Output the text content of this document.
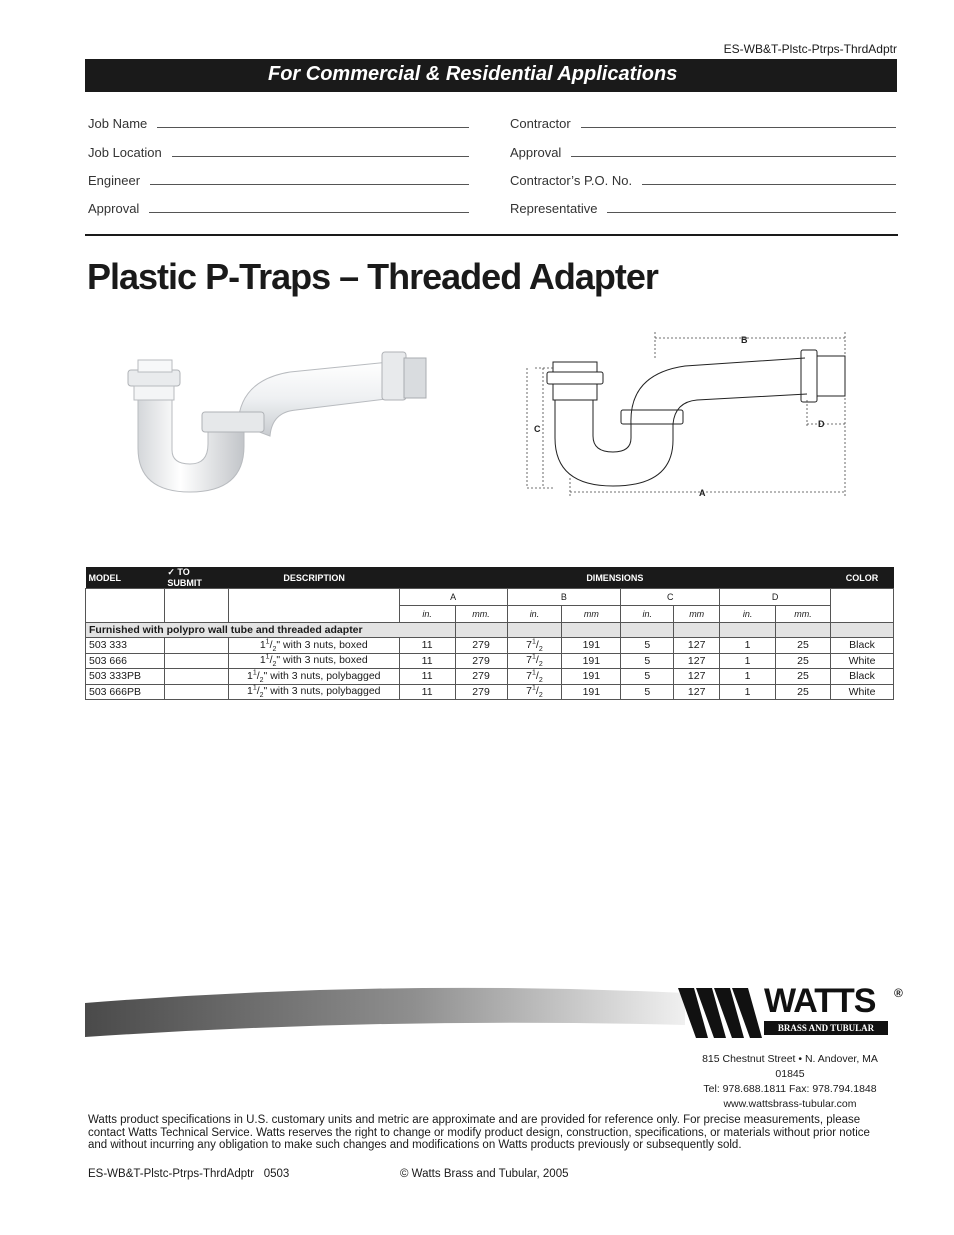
ES-WB&T-Plstc-Ptrps-ThrdAdptr
For Commercial & Residential Applications
Job Name
Job Location
Engineer
Approval
Contractor
Approval
Contractor’s P.O. No.
Representative
Plastic P-Traps – Threaded Adapter
B
C	D
A
MODEL	✓ TO SUBMIT	DESCRIPTION	DIMENSIONS								COLOR
			A		B		C		D		
			in.	mm.	in.	mm	in.	mm	in.	mm.	
Furnished with polypro wall tube and threaded adapter											
503 333		$1^1/_2$" with 3 nuts, boxed	11	279	$7^1/_2$	191	5	127	1	25	Black
503 666		$1^1/_2$" with 3 nuts, boxed	11	279	$7^1/_2$	191	5	127	1	25	White
503 333PB		$1^1/_2$" with 3 nuts, polybagged	11	279	$7^1/_2$	191	5	127	1	25	Black
503 666PB		$1^1/_2$" with 3 nuts, polybagged	11	279	$7^1/_2$	191	5	127	1	25	White
WATTS ®
BRASS AND TUBULAR
815 Chestnut Street • N. Andover, MA 01845
Tel: 978.688.1811 Fax: 978.794.1848
www.wattsbrass-tubular.com
Watts product specifications in U.S. customary units and metric are approximate and are provided for reference only. For precise measurements, please contact Watts Technical Service. Watts reserves the right to change or modify product design, construction, specifications, or materials without prior notice and without incurring any obligation to make such changes and modifications on Watts products previously or subsequently sold.
ES-WB&T-Plstc-Ptrps-ThrdAdptr   0503	© Watts Brass and Tubular, 2005
